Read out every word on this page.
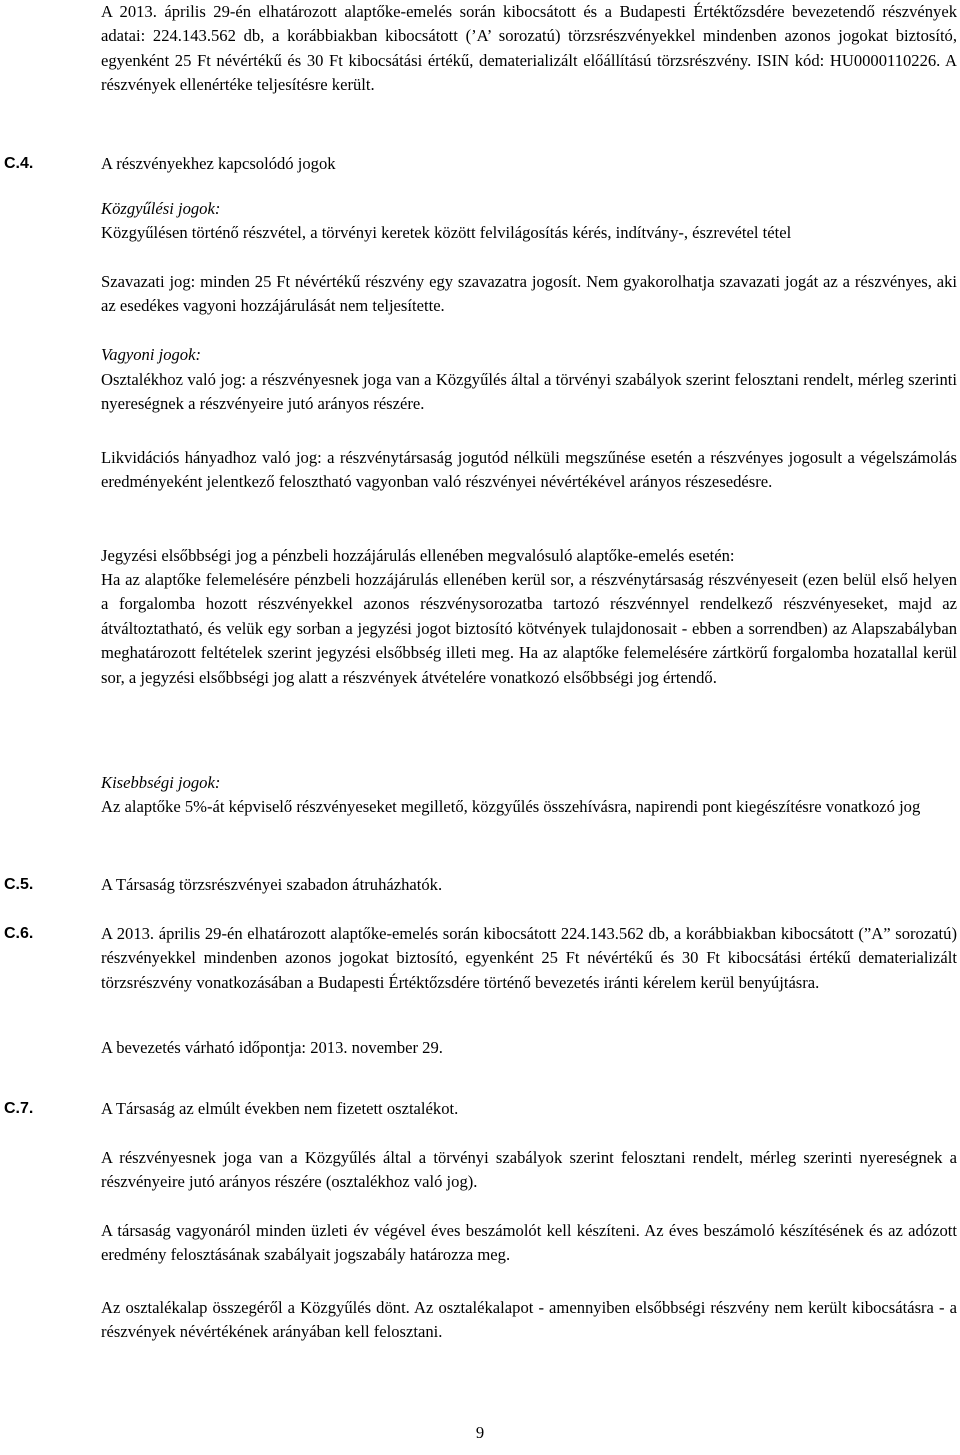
A 2013. április 29-én elhatározott alaptőke-emelés során kibocsátott és a Budapesti Értéktőzsdére bevezetendő részvények adatai: 224.143.562 db, a korábbiakban kibocsátott (’A’ sorozatú) törzsrészvényekkel mindenben azonos jogokat biztosító, egyenként 25 Ft névértékű és 30 Ft kibocsátási értékű, dematerializált előállítású törzsrészvény. ISIN kód: HU0000110226. A részvények ellenértéke teljesítésre került.

C.4.	A részvényekhez kapcsolódó jogok

Közgyűlési jogok:

Közgyűlésen történő részvétel, a törvényi keretek között felvilágosítás kérés, indítvány-, észrevétel tétel

Szavazati jog: minden 25 Ft névértékű részvény egy szavazatra jogosít. Nem gyakorolhatja szavazati jogát az a részvényes, aki az esedékes vagyoni hozzájárulását nem teljesítette.

Vagyoni jogok:

Osztalékhoz való jog: a részvényesnek joga van a Közgyűlés által a törvényi szabályok szerint felosztani rendelt, mérleg szerinti nyereségnek a részvényeire jutó arányos részére.

Likvidációs hányadhoz való jog: a részvénytársaság jogutód nélküli megszűnése esetén a részvényes jogosult a végelszámolás eredményeként jelentkező felosztható vagyonban való részvényei névértékével arányos részesedésre.

Jegyzési elsőbbségi jog a pénzbeli hozzájárulás ellenében megvalósuló alaptőke-emelés esetén:

Ha az alaptőke felemelésére pénzbeli hozzájárulás ellenében kerül sor, a részvénytársaság részvényeseit (ezen belül első helyen a forgalomba hozott részvényekkel azonos részvénysorozatba tartozó részvénnyel rendelkező részvényeseket, majd az átváltoztatható, és velük egy sorban a jegyzési jogot biztosító kötvények tulajdonosait - ebben a sorrendben) az Alapszabályban meghatározott feltételek szerint jegyzési elsőbbség illeti meg. Ha az alaptőke felemelésére zártkörű forgalomba hozatallal kerül sor, a jegyzési elsőbbségi jog alatt a részvények átvételére vonatkozó elsőbbségi jog értendő.

Kisebbségi jogok:

Az alaptőke 5%-át képviselő részvényeseket megillető, közgyűlés összehívásra, napirendi pont kiegészítésre vonatkozó jog

C.5.	A Társaság törzsrészvényei szabadon átruházhatók.

C.6.	A 2013. április 29-én elhatározott alaptőke-emelés során kibocsátott 224.143.562 db, a korábbiakban kibocsátott (”A” sorozatú) részvényekkel mindenben azonos jogokat biztosító, egyenként 25 Ft névértékű és 30 Ft kibocsátási értékű dematerializált törzsrészvény vonatkozásában a Budapesti Értéktőzsdére történő bevezetés iránti kérelem kerül benyújtásra.

A bevezetés várható időpontja: 2013. november 29.

C.7.	A Társaság az elmúlt években nem fizetett osztalékot.

A részvényesnek joga van a Közgyűlés által a törvényi szabályok szerint felosztani rendelt, mérleg szerinti nyereségnek a részvényeire jutó arányos részére (osztalékhoz való jog).

A társaság vagyonáról minden üzleti év végével éves beszámolót kell készíteni. Az éves beszámoló készítésének és az adózott eredmény felosztásának szabályait jogszabály határozza meg.

Az osztalékalap összegéről a Közgyűlés dönt. Az osztalékalapot - amennyiben elsőbbségi részvény nem került kibocsátásra - a részvények névértékének arányában kell felosztani.

9
